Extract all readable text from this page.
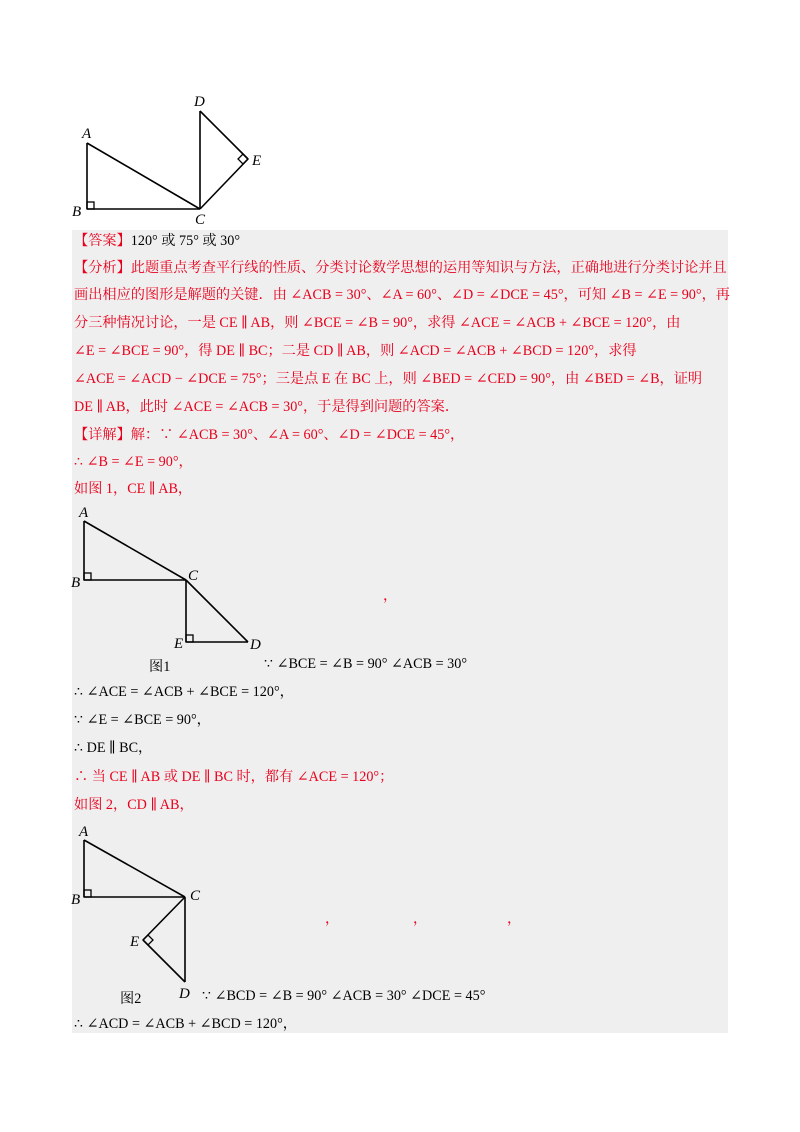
A
B	C
D
E
【答案】120° 或 75° 或 30°
【分析】此题重点考查平行线的性质、分类讨论数学思想的运用等知识与方法，正确地进行分类讨论并且
画出相应的图形是解题的关键．由 ∠ACB = 30°、∠A = 60°、∠D = ∠DCE = 45°，可知 ∠B = ∠E = 90°，再
分三种情况讨论，一是 CE ∥ AB，则 ∠BCE = ∠B = 90°，求得 ∠ACE = ∠ACB + ∠BCE = 120°，由
∠E = ∠BCE = 90°，得 DE ∥ BC；二是 CD ∥ AB，则 ∠ACD = ∠ACB + ∠BCD = 120°，求得
∠ACE = ∠ACD − ∠DCE = 75°；三是点 E 在 BC 上，则 ∠BED = ∠CED = 90°，由 ∠BED = ∠B，证明
DE ∥ AB，此时 ∠ACE = ∠ACB = 30°，于是得到问题的答案．
【详解】解：∵ ∠ACB = 30°、∠A = 60°、∠D = ∠DCE = 45°，
∴ ∠B = ∠E = 90°，
如图 1，CE ∥ AB，
A
B	C
E	D
，
图1	∵ ∠BCE = ∠B = 90° ∠ACB = 30°
∴ ∠ACE = ∠ACB + ∠BCE = 120°，
∵ ∠E = ∠BCE = 90°，
∴ DE ∥ BC，
∴ 当 CE ∥ AB 或 DE ∥ BC 时，都有 ∠ACE = 120°；
如图 2，CD ∥ AB，
A
B	C
E
D
，	，	，
图2	∵ ∠BCD = ∠B = 90° ∠ACB = 30° ∠DCE = 45°
∴ ∠ACD = ∠ACB + ∠BCD = 120°，
